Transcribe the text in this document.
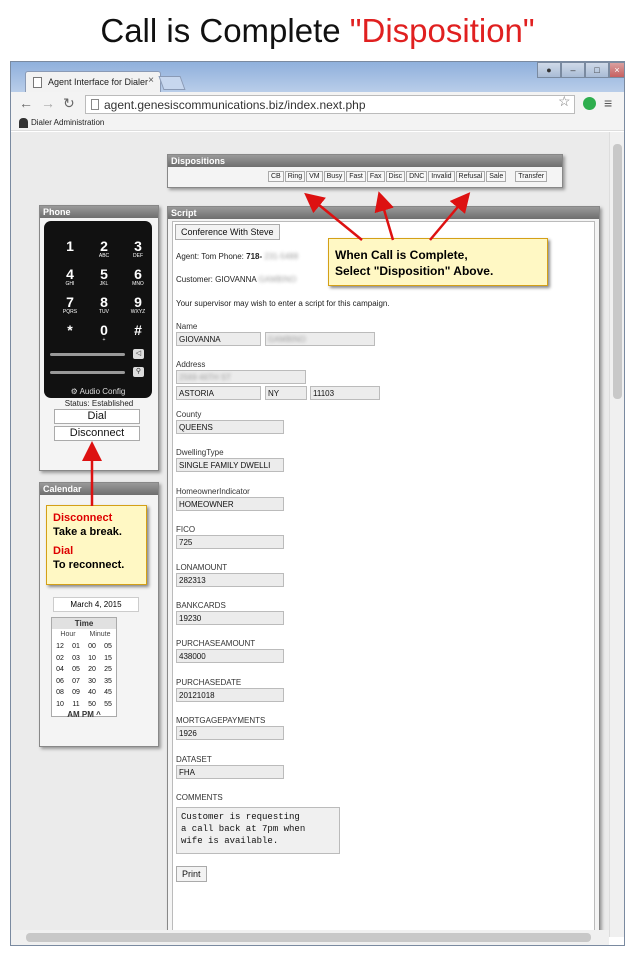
Call is Complete "Disposition"
Agent Interface for Dialer ×
●	–	□	×
← → ↻	agent.genesiscommunications.biz/index.next.php	☆ ≡
Dialer Administration
Dispositions
CB Ring VM Busy Fast Fax Disc DNC Invalid Refusal Sale Transfer
Phone
1	2
ABC
3
DEF
4
GHI
5
JKL
6
MNO
7
PQRS
8
TUV
9
WXYZ
*	0
+
#
◁
⚲
⚙ Audio Config
Status: Established
Dial
Disconnect
Calendar
March 4, 2015
Time
Hour	Minute
12	01	00	05
02	03	10	15
04	05	20	25
06	07	30	35
08	09	40	45
10	11	50	55
AM PM ^
Script
Conference With Steve
Agent: Tom Phone: 718- 231-5488
Customer: GIOVANNA GAMBINO
Your supervisor may wish to enter a script for this campaign.
Name
GIOVANNA	GAMBINO
Address
2569 46TH ST
ASTORIA	NY	11103
County
QUEENS
DwellingType
SINGLE FAMILY DWELLI
HomeownerIndicator
HOMEOWNER
FICO
725
LONAMOUNT
282313
BANKCARDS
19230
PURCHASEAMOUNT
438000
PURCHASEDATE
20121018
MORTGAGEPAYMENTS
1926
DATASET
FHA
COMMENTS
Customer is requesting
a call back at 7pm when
wife is available.
Print
When Call is Complete,
Select "Disposition" Above.
Disconnect
Take a break.
Dial
To reconnect.
